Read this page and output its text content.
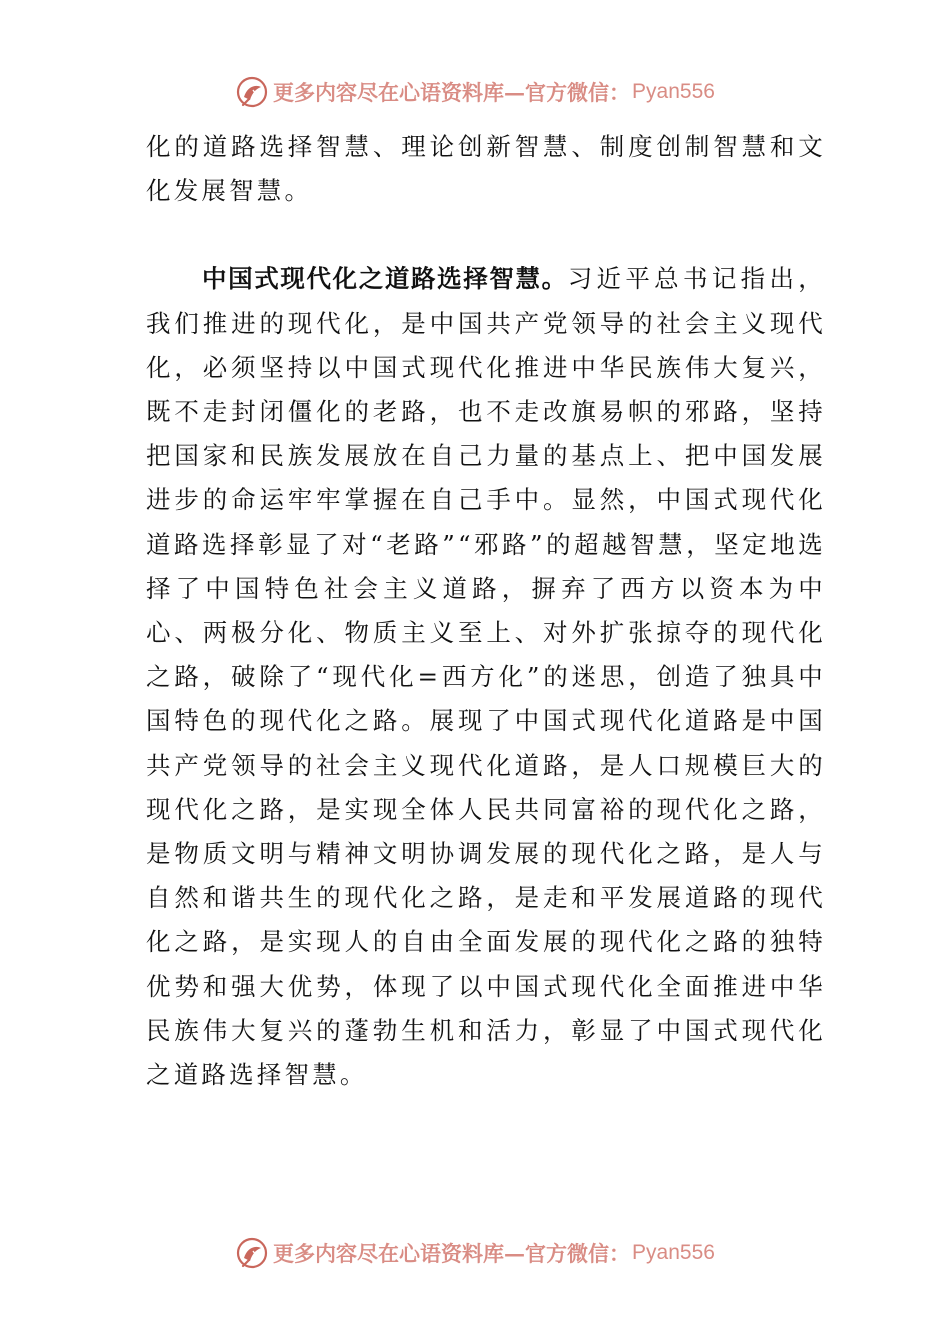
更多内容尽在心语资料库—官方微信： Pyan556

化的道路选择智慧、理论创新智慧、制度创制智慧和文化发展智慧。

中国式现代化之道路选择智慧。习近平总书记指出，我们推进的现代化，是中国共产党领导的社会主义现代化，必须坚持以中国式现代化推进中华民族伟大复兴，既不走封闭僵化的老路，也不走改旗易帜的邪路，坚持把国家和民族发展放在自己力量的基点上、把中国发展进步的命运牢牢掌握在自己手中。显然，中国式现代化道路选择彰显了对“老路”“邪路”的超越智慧，坚定地选择了中国特色社会主义道路，摒弃了西方以资本为中心、两极分化、物质主义至上、对外扩张掠夺的现代化之路，破除了“现代化=西方化”的迷思，创造了独具中国特色的现代化之路。展现了中国式现代化道路是中国共产党领导的社会主义现代化道路，是人口规模巨大的现代化之路，是实现全体人民共同富裕的现代化之路， 是物质文明与精神文明协调发展的现代化之路，是人与自然和谐共生的现代化之路，是走和平发展道路的现代化之路，是实现人的自由全面发展的现代化之路的独特优势和强大优势，体现了以中国式现代化全面推进中华民族伟大复兴的蓬勃生机和活力，彰显了中国式现代化之道路选择智慧。

更多内容尽在心语资料库—官方微信： Pyan556
